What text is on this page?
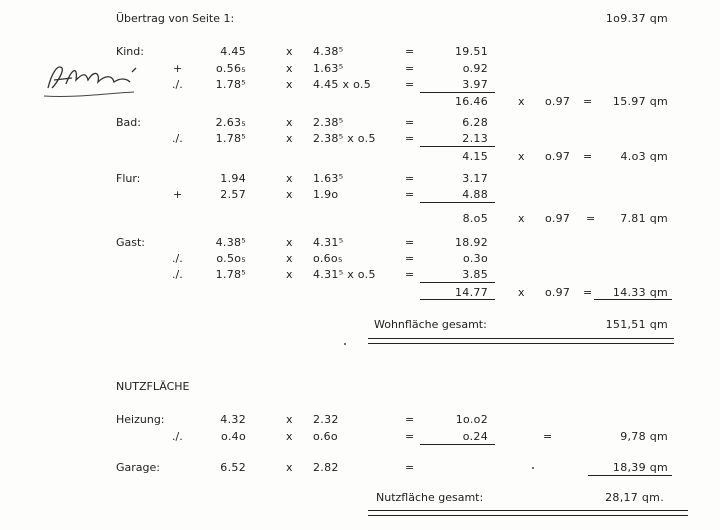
Übertrag von Seite 1:	1o9.37 qm
Kind:	4.45	x 4.38⁵	=	19.51
+	o.56₅	x 1.63⁵	=	o.92
./.	1.78⁵	x 4.45 x o.5	=	3.97
16.46	x o.97 =	15.97 qm
Bad:	2.63₅	x 2.38⁵	=	6.28
./.	1.78⁵	x 2.38⁵ x o.5	=	2.13
4.15	x o.97 =	4.o3 qm
Flur:	1.94	x 1.63⁵	=	3.17
+	2.57	x 1.9o	=	4.88
8.o5	x o.97 =	7.81 qm
Gast:	4.38⁵	x 4.31⁵	=	18.92
./.	o.5o₅	x o.6o₅	=	o.3o
./.	1.78⁵	x 4.31⁵ x o.5	=	3.85
14.77	x o.97 =	14.33 qm
Wohnfläche gesamt:	151,51 qm
NUTZFLÄCHE
Heizung:	4.32	x 2.32	=	1o.o2
./.	o.4o	x o.6o	=	o.24	=	9,78 qm
Garage:	6.52	x 2.82	=	18,39 qm
Nutzfläche gesamt:	28,17 qm.
